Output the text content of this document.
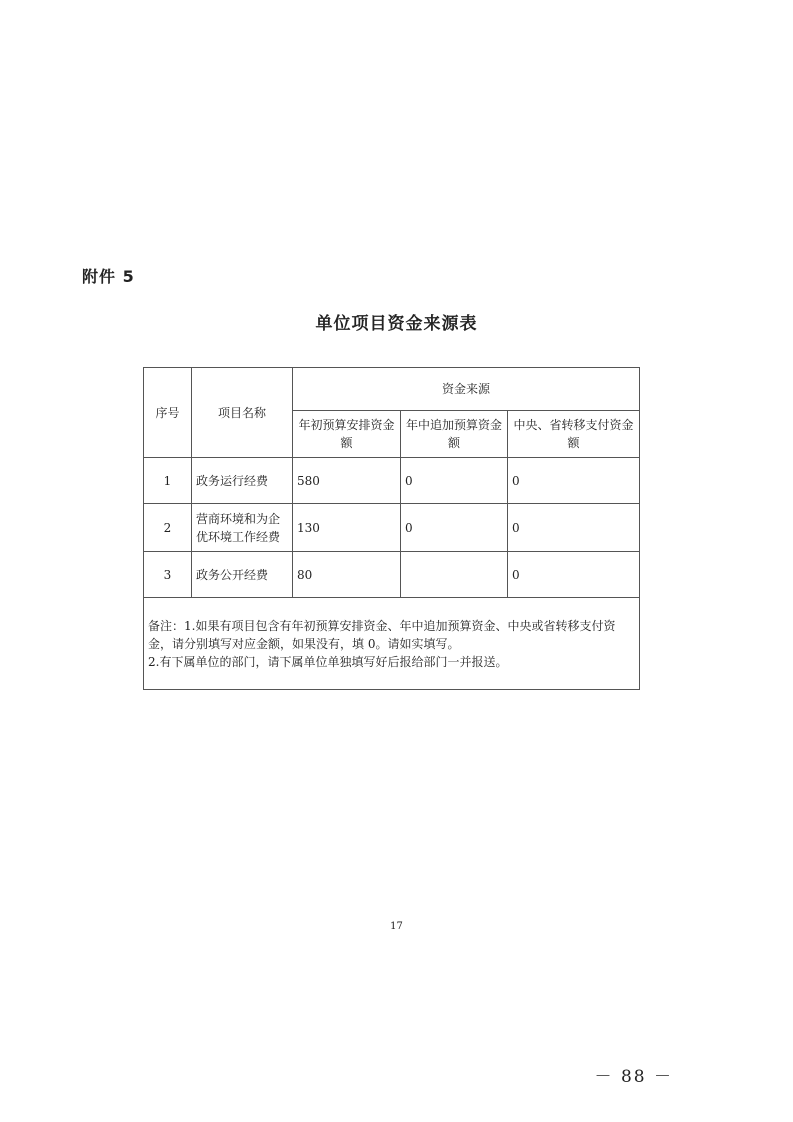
附件 5
单位项目资金来源表
序号	项目名称	资金来源		
		年初预算安排资金额	年中追加预算资金额	中央、省转移支付资金额
1	政务运行经费	580	0	0
2	营商环境和为企优环境工作经费	130	0	0
3	政务公开经费	80		0

备注：1.如果有项目包含有年初预算安排资金、年中追加预算资金、中央或省转移支付资金，请分别填写对应金额，如果没有，填 0。请如实填写。
2.有下属单位的部门，请下属单位单独填写好后报给部门一并报送。				
17
－ 88 －
